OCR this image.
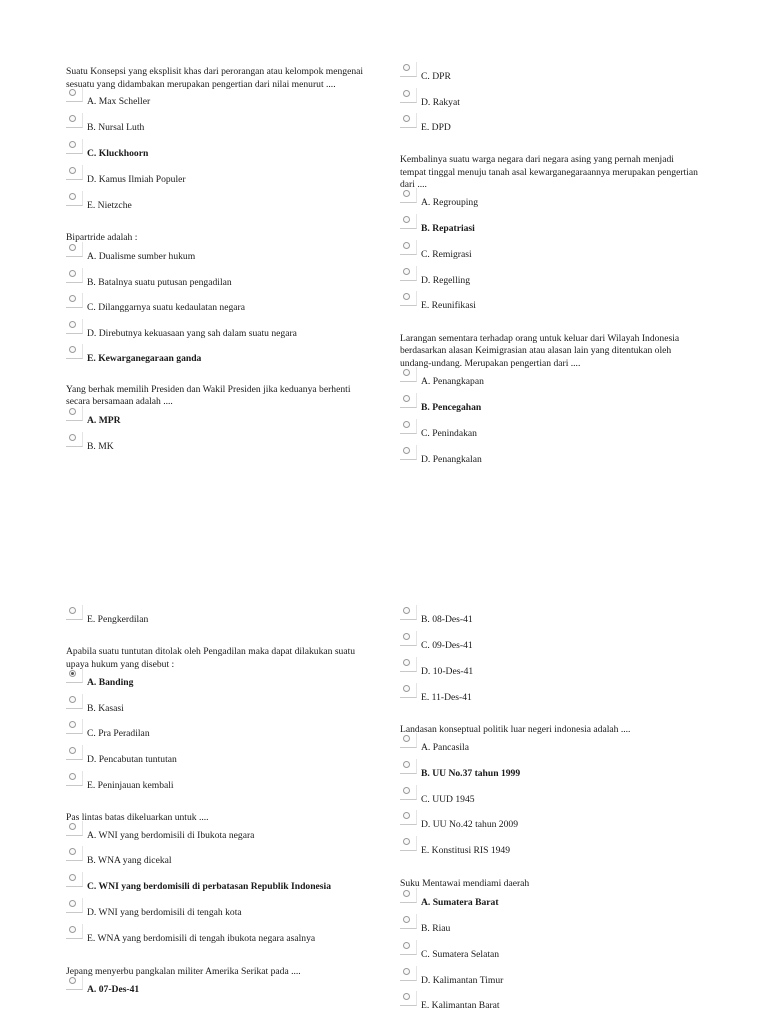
Suatu Konsepsi yang eksplisit khas dari perorangan atau kelompok mengenai sesuatu yang didambakan merupakan pengertian dari nilai menurut ....

A. Max Scheller
B. Nursal Luth
C. Kluckhoorn
D. Kamus Ilmiah Populer
E. Nietzche

Bipartride adalah :

A. Dualisme sumber hukum
B. Batalnya suatu putusan pengadilan
C. Dilanggarnya suatu kedaulatan negara
D. Direbutnya kekuasaan yang sah dalam suatu negara
E. Kewarganegaraan ganda

Yang berhak memilih Presiden dan Wakil Presiden jika keduanya berhenti secara bersamaan adalah ....

A. MPR
B. MK
C. DPR
D. Rakyat
E. DPD

Kembalinya suatu warga negara dari negara asing yang pernah menjadi tempat tinggal menuju tanah asal kewarganegaraannya merupakan pengertian dari ....

A. Regrouping
B. Repatriasi
C. Remigrasi
D. Regelling
E. Reunifikasi

Larangan sementara terhadap orang untuk keluar dari Wilayah Indonesia berdasarkan alasan Keimigrasian atau alasan lain yang ditentukan oleh undang-undang. Merupakan pengertian dari ....

A. Penangkapan
B. Pencegahan
C. Penindakan
D. Penangkalan
E. Pengkerdilan

Apabila suatu tuntutan ditolak oleh Pengadilan maka dapat dilakukan suatu upaya hukum yang disebut :

A. Banding
B. Kasasi
C. Pra Peradilan
D. Pencabutan tuntutan
E. Peninjauan kembali

Pas lintas batas dikeluarkan untuk ....

A. WNI yang berdomisili di Ibukota negara
B. WNA yang dicekal
C. WNI yang berdomisili di perbatasan Republik Indonesia
D. WNI yang berdomisili di tengah kota
E. WNA yang berdomisili di tengah ibukota negara asalnya

Jepang menyerbu pangkalan militer Amerika Serikat pada ....

A. 07-Des-41
B. 08-Des-41
C. 09-Des-41
D. 10-Des-41
E. 11-Des-41

Landasan konseptual politik luar negeri indonesia adalah ....

A. Pancasila
B. UU No.37 tahun 1999
C. UUD 1945
D. UU No.42 tahun 2009
E. Konstitusi RIS 1949

Suku Mentawai mendiami daerah

A. Sumatera Barat
B. Riau
C. Sumatera Selatan
D. Kalimantan Timur
E. Kalimantan Barat
